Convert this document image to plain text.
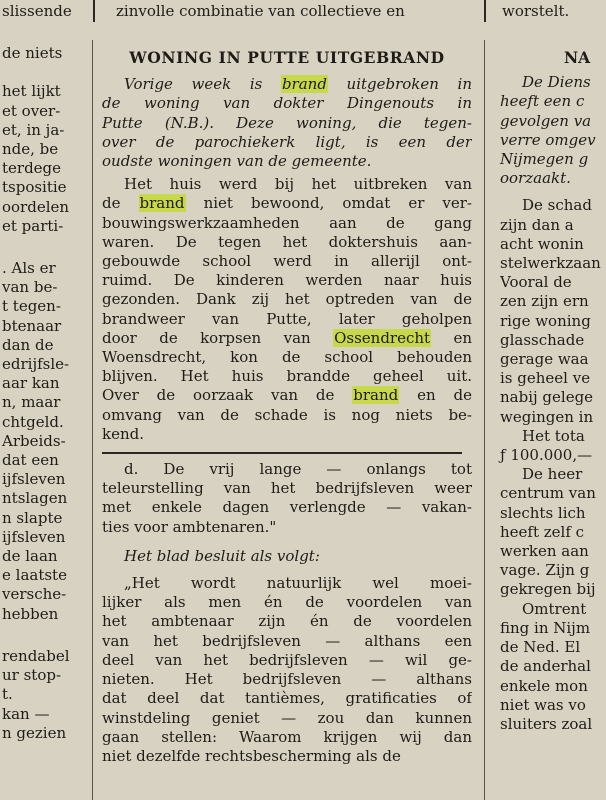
slissende	zinvolle combinatie van collectieve en	worstelt.
de niets

het lijkt
et over-
et, in ja-
nde, be
terdege
tspositie
oordelen
et parti-
. Als er
van be-
t tegen-
btenaar
dan de
edrijfsle-
aar kan
n, maar
chtgeld.
Arbeids-
dat een
ijfsleven
ntslagen
n slapte
ijfsleven
de laan
e laatste
versche-
hebben
rendabel
ur stop-
t.
kan —
n gezien
WONING IN PUTTE UITGEBRAND
Vorige week is brand uitgebroken in
de woning van dokter Dingenouts in
Putte (N.B.). Deze woning, die tegen-
over de parochiekerk ligt, is een der
oudste woningen van de gemeente.
Het huis werd bij het uitbreken van
de brand niet bewoond, omdat er ver-
bouwingswerkzaamheden aan de gang
waren. De tegen het doktershuis aan-
gebouwde school werd in allerijl ont-
ruimd. De kinderen werden naar huis
gezonden. Dank zij het optreden van de
brandweer van Putte, later geholpen
door de korpsen van Ossendrecht en
Woensdrecht, kon de school behouden
blijven. Het huis brandde geheel uit.
Over de oorzaak van de brand en de
omvang van de schade is nog niets be-
kend.
d. De vrij lange — onlangs tot
teleurstelling van het bedrijfsleven weer
met enkele dagen verlengde — vakan-
ties voor ambtenaren."
Het blad besluit als volgt:
„Het wordt natuurlijk wel moei-
lijker als men én de voordelen van
het ambtenaar zijn én de voordelen
van het bedrijfsleven — althans een
deel van het bedrijfsleven — wil ge-
nieten. Het bedrijfsleven — althans
dat deel dat tantièmes, gratificaties of
winstdeling geniet — zou dan kunnen
gaan stellen: Waarom krijgen wij dan
niet dezelfde rechtsbescherming als de
NA
De Diens
heeft een c
gevolgen va
verre omgev
Nijmegen g
oorzaakt.
De schad
zijn dan a
acht wonin
stelwerkzaan
Vooral de
zen zijn ern
rige woning
glasschade
gerage waa
is geheel ve
nabij gelege
wegingen in
Het tota
ƒ 100.000,—
De heer
centrum van
slechts lich
heeft zelf c
werken aan
vage. Zijn g
gekregen bij
Omtrent
fing in Nijm
de Ned. El
de anderhal
enkele mon
niet was vo
sluiters zoal
